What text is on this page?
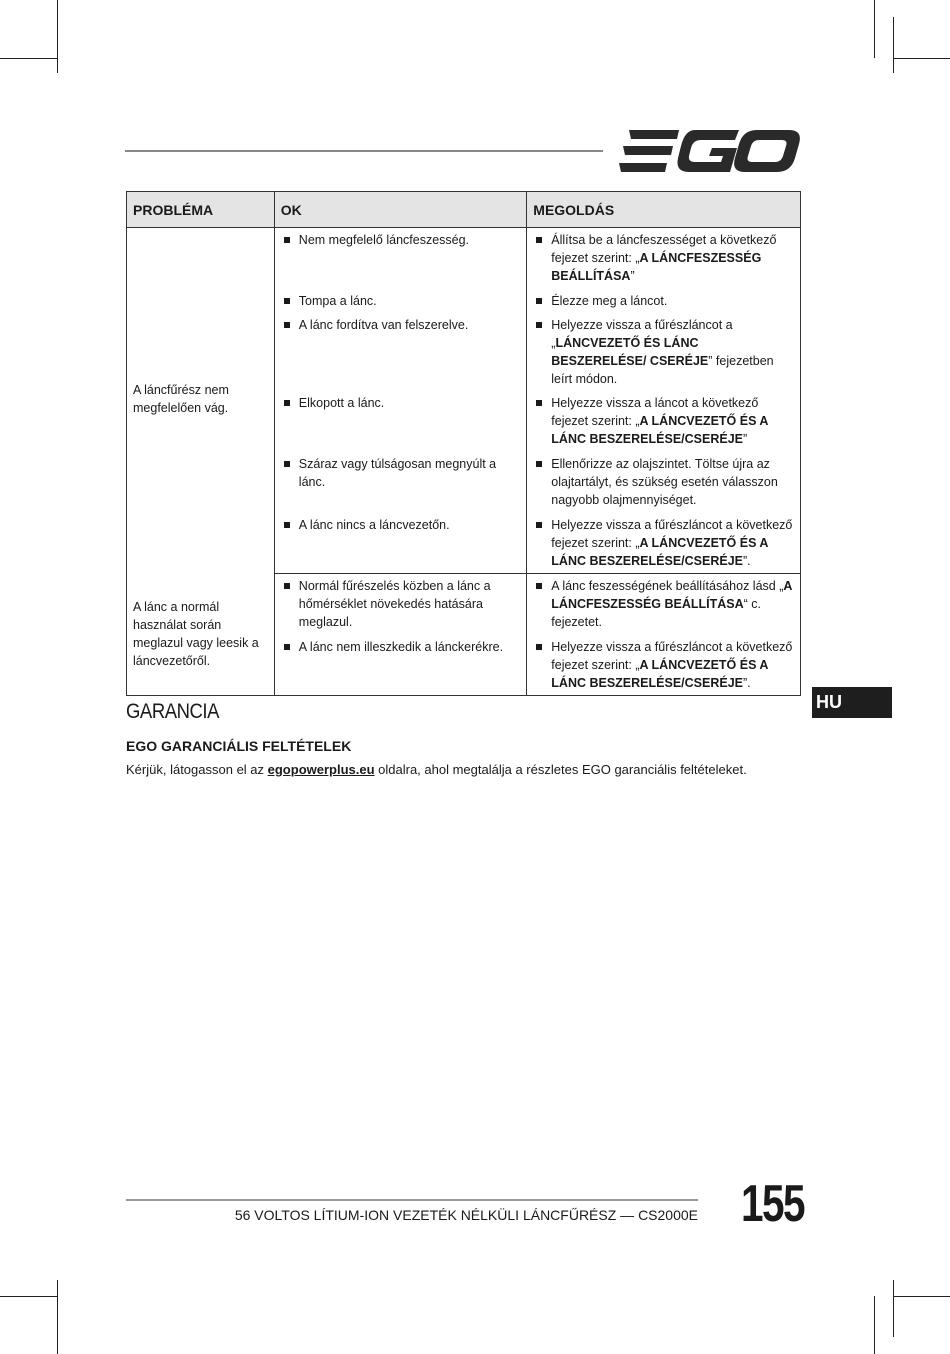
PROBLÉMA	OK	MEGOLDÁS
A láncfűrész nem megfelelően vág.	Nem megfelelő láncfeszesség.	Állítsa be a láncfeszességet a következő fejezet szerint: „A LÁNCFESZESSÉG BEÁLLÍTÁSA”

	Tompa a lánc.	Élezze meg a láncot.

	A lánc fordítva van felszerelve.	Helyezze vissza a fűrészláncot a „LÁNCVEZETŐ ÉS LÁNC BESZERELÉSE/ CSERÉJE” fejezetben leírt módon.

	Elkopott a lánc.	Helyezze vissza a láncot a következő fejezet szerint: „A LÁNCVEZETŐ ÉS A LÁNC BESZERELÉSE/CSERÉJE”

	Száraz vagy túlságosan megnyúlt a lánc.	Ellenőrizze az olajszintet. Töltse újra az olajtartályt, és szükség esetén válasszon nagyobb olajmennyiséget.

	A lánc nincs a láncvezetőn.	Helyezze vissza a fűrészláncot a következő fejezet szerint: „A LÁNCVEZETŐ ÉS A LÁNC BESZERELÉSE/CSERÉJE”.

A lánc a normál használat során meglazul vagy leesik a láncvezetőről.	Normál fűrészelés közben a lánc a hőmérséklet növekedés hatására meglazul.	A lánc feszességének beállításához lásd „A LÁNCFESZESSÉG BEÁLLÍTÁSA“ c. fejezetet.

	A lánc nem illeszkedik a lánckerékre.	Helyezze vissza a fűrészláncot a következő fejezet szerint: „A LÁNCVEZETŐ ÉS A LÁNC BESZERELÉSE/CSERÉJE”.
HU
GARANCIA
EGO GARANCIÁLIS FELTÉTELEK
Kérjük, látogasson el az egopowerplus.eu oldalra, ahol megtalálja a részletes EGO garanciális feltételeket.
56 VOLTOS LÍTIUM-ION VEZETÉK NÉLKÜLI LÁNCFŰRÉSZ — CS2000E 155
